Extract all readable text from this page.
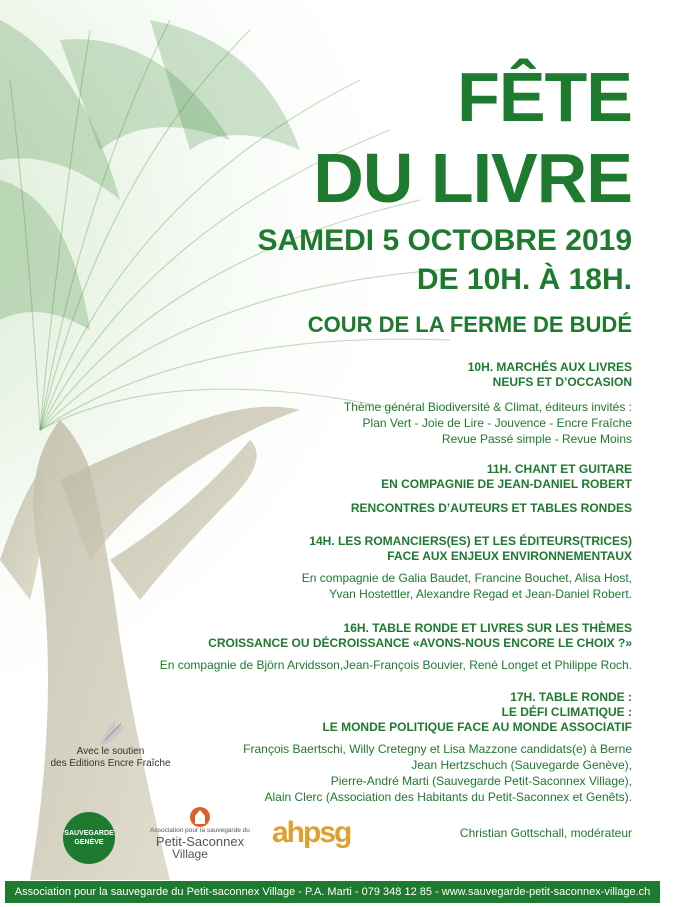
FÊTE
DU LIVRE
SAMEDI 5 OCTOBRE 2019
DE 10H. À 18H.
COUR DE LA FERME DE BUDÉ
10H. MARCHÉS AUX LIVRES
NEUFS ET D’OCCASION
Thème général Biodiversité & Climat, éditeurs invités :
Plan Vert - Joie de Lire - Jouvence - Encre Fraîche
Revue Passé simple - Revue Moins
11H. CHANT ET GUITARE
EN COMPAGNIE DE JEAN-DANIEL ROBERT
RENCONTRES D’AUTEURS ET TABLES RONDES
14H. LES ROMANCIERS(ES) ET LES ÉDITEURS(TRICES)
FACE AUX ENJEUX ENVIRONNEMENTAUX
En compagnie de Galia Baudet, Francine Bouchet, Alisa Host,
Yvan Hostettler, Alexandre Regad et Jean-Daniel Robert.
16H. TABLE RONDE ET LIVRES SUR LES THÈMES
CROISSANCE OU DÉCROISSANCE «AVONS-NOUS ENCORE LE CHOIX ?»
En compagnie de Björn Arvidsson,Jean-François Bouvier, René Longet et Philippe Roch.
17H. TABLE RONDE :
LE DÉFI CLIMATIQUE :
LE MONDE POLITIQUE FACE AU MONDE ASSOCIATIF
François Baertschi, Willy Cretegny et Lisa Mazzone candidats(e) à Berne
Jean Hertzschuch (Sauvegarde Genève),
Pierre-André Marti (Sauvegarde Petit-Saconnex Village),
Alain Clerc (Association des Habitants du Petit-Saconnex et Genêts).
Christian Gottschall, modérateur
Avec le soutien
des Editions Encre Fraîche
SAUVEGARDE
GENÈVE
Association pour la sauvegarde du
Petit-Saconnex
Village
ahpsg
Association pour la sauvegarde du Petit-saconnex Village - P.A. Marti - 079 348 12 85 - www.sauvegarde-petit-saconnex-village.ch
